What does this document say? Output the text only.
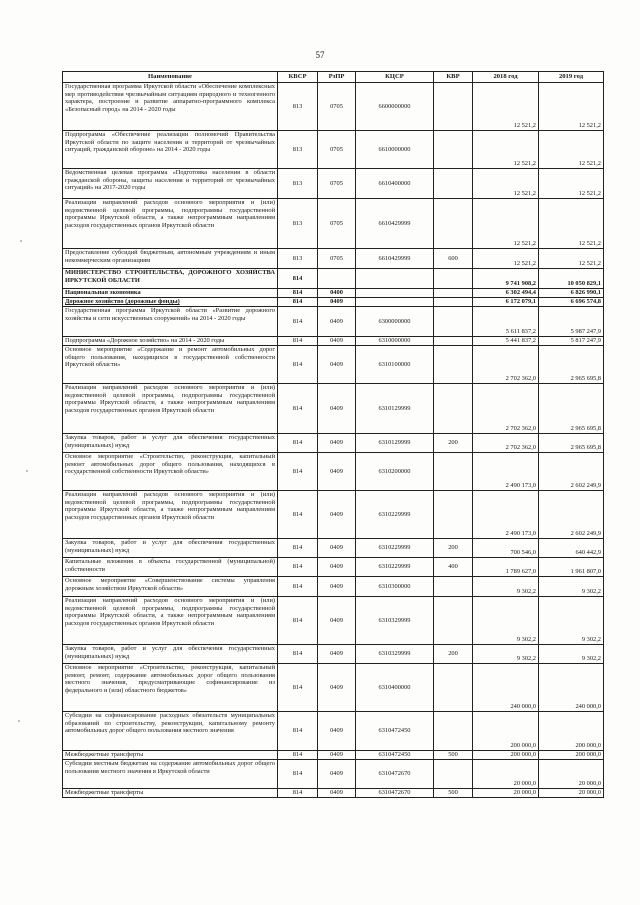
57
Наименование	КВСР	РзПР	КЦСР	КВР	2018 год	2019 год
Государственная программа Иркутской области «Обеспечение комплексных мер противодействия чрезвычайным ситуациям природного и техногенного характера, построение и развитие аппаратно-программного комплекса «Безопасный город» на 2014 - 2020 годы	813	0705	6600000000		12 521,2	12 521,2
Подпрограмма «Обеспечение реализации полномочий Правительства Иркутской области по защите населения и территорий от чрезвычайных ситуаций, гражданской обороне» на 2014 - 2020 годы	813	0705	6610000000		12 521,2	12 521,2
Ведомственная целевая программа «Подготовка населения в области гражданской обороны, защиты населения и территорий от чрезвычайных ситуаций» на 2017-2020 годы	813	0705	6610400000		12 521,2	12 521,2
Реализация направлений расходов основного мероприятия и (или) ведомственной целевой программы, подпрограммы государственной программы Иркутской области, а также непрограммным направлениям расходов государственных органов Иркутской области	813	0705	6610429999		12 521,2	12 521,2
Предоставление субсидий бюджетным, автономным учреждениям и иным некоммерческим организациям	813	0705	6610429999	600	12 521,2	12 521,2
МИНИСТЕРСТВО СТРОИТЕЛЬСТВА, ДОРОЖНОГО ХОЗЯЙСТВА ИРКУТСКОЙ ОБЛАСТИ	814				9 741 908,2	10 050 829,1
Национальная экономика	814	0400			6 302 494,4	6 826 990,1
Дорожное хозяйство (дорожные фонды)	814	0409			6 172 079,1	6 696 574,8
Государственная программа Иркутской области «Развитие дорожного хозяйства и сети искусственных сооружений» на 2014 - 2020 годы	814	0409	6300000000		5 611 837,2	5 987 247,9
Подпрограмма «Дорожное хозяйство» на 2014 - 2020 годы	814	0409	6310000000		5 441 837,2	5 817 247,9
Основное мероприятие «Содержание и ремонт автомобильных дорог общего пользования, находящихся в государственной собственности Иркутской области»	814	0409	6310100000		2 702 362,0	2 965 695,8
Реализация направлений расходов основного мероприятия и (или) ведомственной целевой программы, подпрограммы государственной программы Иркутской области, а также непрограммным направлениям расходов государственных органов Иркутской области	814	0409	6310129999		2 702 362,0	2 965 695,8
Закупка товаров, работ и услуг для обеспечения государственных (муниципальных) нужд	814	0409	6310129999	200	2 702 362,0	2 965 695,8
Основное мероприятие «Строительство, реконструкция, капитальный ремонт автомобильных дорог общего пользования, находящихся в государственной собственности Иркутской области»	814	0409	6310200000		2 490 173,0	2 602 249,9
Реализация направлений расходов основного мероприятия и (или) ведомственной целевой программы, подпрограммы государственной программы Иркутской области, а также непрограммным направлениям расходов государственных органов Иркутской области	814	0409	6310229999		2 490 173,0	2 602 249,9
Закупка товаров, работ и услуг для обеспечения государственных (муниципальных) нужд	814	0409	6310229999	200	700 546,0	640 442,9
Капитальные вложения в объекты государственной (муниципальной) собственности	814	0409	6310229999	400	1 789 627,0	1 961 807,0
Основное мероприятие «Совершенствование системы управления дорожным хозяйством Иркутской области»	814	0409	6310300000		9 302,2	9 302,2
Реализация направлений расходов основного мероприятия и (или) ведомственной целевой программы, подпрограммы государственной программы Иркутской области, а также непрограммным направлениям расходов государственных органов Иркутской области	814	0409	6310329999		9 302,2	9 302,2
Закупка товаров, работ и услуг для обеспечения государственных (муниципальных) нужд	814	0409	6310329999	200	9 302,2	9 302,2
Основное мероприятие «Строительство, реконструкция, капитальный ремонт, ремонт, содержание автомобильных дорог общего пользования местного значения, предусматривающие софинансирование из федерального и (или) областного бюджетов»	814	0409	6310400000		240 000,0	240 000,0
Субсидии на софинансирование расходных обязательств муниципальных образований по строительству, реконструкции, капитальному ремонту автомобильных дорог общего пользования местного значения	814	0409	6310472450		200 000,0	200 000,0
Межбюджетные трансферты	814	0409	6310472450	500	200 000,0	200 000,0
Субсидии местным бюджетам на содержание автомобильных дорог общего пользования местного значения в Иркутской области	814	0409	6310472670		20 000,0	20 000,0
Межбюджетные трансферты	814	0409	6310472670	500	20 000,0	20 000,0
